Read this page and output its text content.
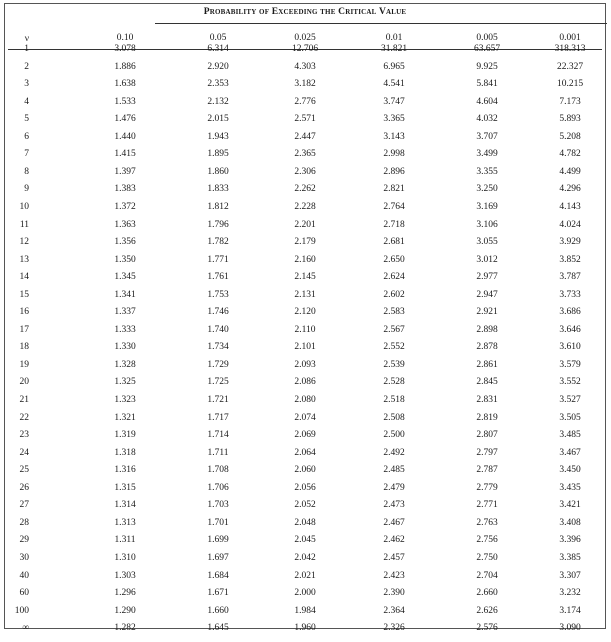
Probability of Exceeding the Critical Value
ν	0.10	0.05	0.025	0.01	0.005	0.001
1	3.078	6.314	12.706	31.821	63.657	318.313
2	1.886	2.920	4.303	6.965	9.925	22.327
3	1.638	2.353	3.182	4.541	5.841	10.215
4	1.533	2.132	2.776	3.747	4.604	7.173
5	1.476	2.015	2.571	3.365	4.032	5.893
6	1.440	1.943	2.447	3.143	3.707	5.208
7	1.415	1.895	2.365	2.998	3.499	4.782
8	1.397	1.860	2.306	2.896	3.355	4.499
9	1.383	1.833	2.262	2.821	3.250	4.296
10	1.372	1.812	2.228	2.764	3.169	4.143
11	1.363	1.796	2.201	2.718	3.106	4.024
12	1.356	1.782	2.179	2.681	3.055	3.929
13	1.350	1.771	2.160	2.650	3.012	3.852
14	1.345	1.761	2.145	2.624	2.977	3.787
15	1.341	1.753	2.131	2.602	2.947	3.733
16	1.337	1.746	2.120	2.583	2.921	3.686
17	1.333	1.740	2.110	2.567	2.898	3.646
18	1.330	1.734	2.101	2.552	2.878	3.610
19	1.328	1.729	2.093	2.539	2.861	3.579
20	1.325	1.725	2.086	2.528	2.845	3.552
21	1.323	1.721	2.080	2.518	2.831	3.527
22	1.321	1.717	2.074	2.508	2.819	3.505
23	1.319	1.714	2.069	2.500	2.807	3.485
24	1.318	1.711	2.064	2.492	2.797	3.467
25	1.316	1.708	2.060	2.485	2.787	3.450
26	1.315	1.706	2.056	2.479	2.779	3.435
27	1.314	1.703	2.052	2.473	2.771	3.421
28	1.313	1.701	2.048	2.467	2.763	3.408
29	1.311	1.699	2.045	2.462	2.756	3.396
30	1.310	1.697	2.042	2.457	2.750	3.385
40	1.303	1.684	2.021	2.423	2.704	3.307
60	1.296	1.671	2.000	2.390	2.660	3.232
100	1.290	1.660	1.984	2.364	2.626	3.174
∞	1.282	1.645	1.960	2.326	2.576	3.090
